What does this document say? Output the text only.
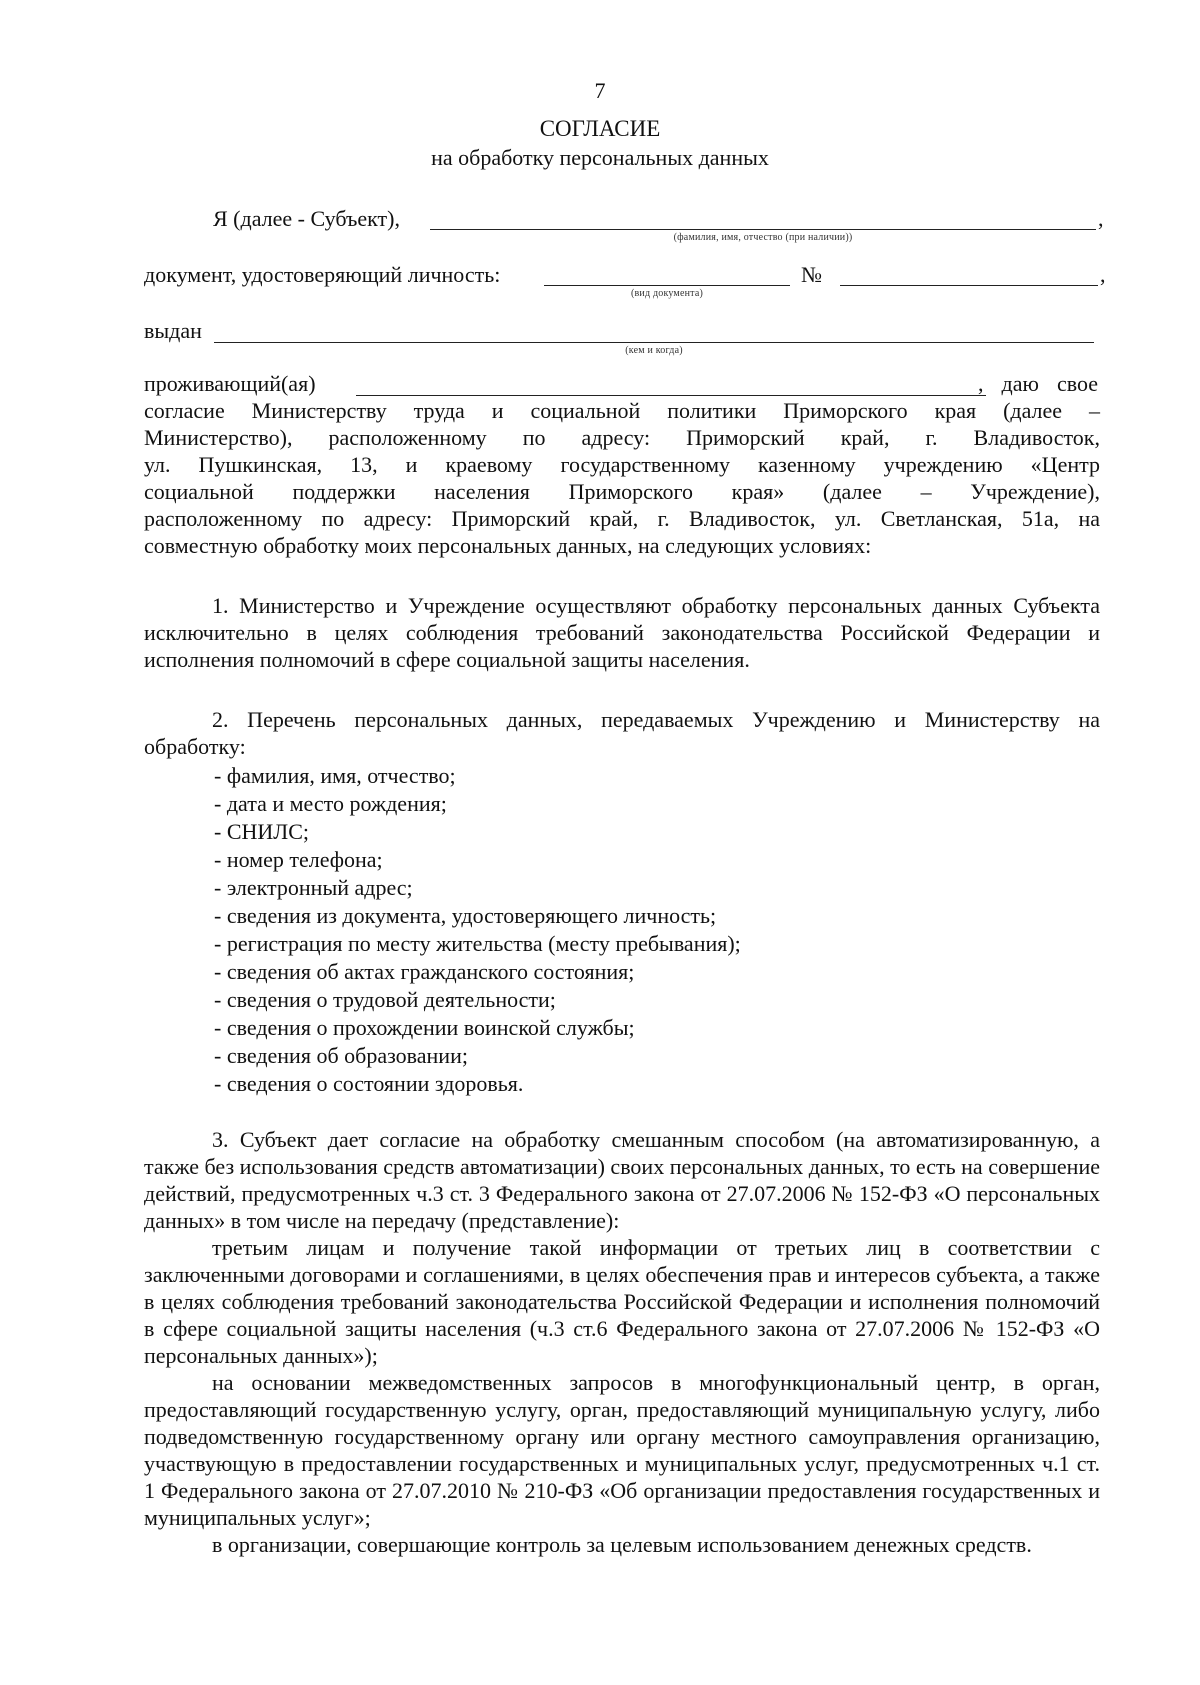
7
СОГЛАСИЕ
на обработку персональных данных
Я (далее - Субъект),	,
(фамилия, имя, отчество (при наличии))
документ, удостоверяющий личность:
(вид документа)
№	,
выдан
(кем и когда)
проживающий(ая)	, даю свое
согласие Министерству труда и социальной политики Приморского края (далее –
Министерство), расположенному по адресу: Приморский край, г. Владивосток,
ул. Пушкинская, 13, и краевому государственному казенному учреждению «Центр
социальной поддержки населения Приморского края» (далее – Учреждение),
расположенному по адресу: Приморский край, г. Владивосток, ул. Светланская, 51а, на
совместную обработку моих персональных данных, на следующих условиях:
1. Министерство и Учреждение осуществляют обработку персональных данных Субъекта исключительно в целях соблюдения требований законодательства Российской Федерации и исполнения полномочий в сфере социальной защиты населения.
2. Перечень персональных данных, передаваемых Учреждению и Министерству на обработку:
- фамилия, имя, отчество;
- дата и место рождения;
- СНИЛС;
- номер телефона;
- электронный адрес;
- сведения из документа, удостоверяющего личность;
- регистрация по месту жительства (месту пребывания);
- сведения об актах гражданского состояния;
- сведения о трудовой деятельности;
- сведения о прохождении воинской службы;
- сведения об образовании;
- сведения о состоянии здоровья.
3. Субъект дает согласие на обработку смешанным способом (на автоматизированную, а также без использования средств автоматизации) своих персональных данных, то есть на совершение действий, предусмотренных ч.3 ст. 3 Федерального закона от 27.07.2006 № 152-ФЗ «О персональных данных» в том числе на передачу (представление):
третьим лицам и получение такой информации от третьих лиц в соответствии с заключенными договорами и соглашениями, в целях обеспечения прав и интересов субъекта, а также в целях соблюдения требований законодательства Российской Федерации и исполнения полномочий в сфере социальной защиты населения (ч.3 ст.6 Федерального закона от 27.07.2006 № 152-ФЗ «О персональных данных»);
на основании межведомственных запросов в многофункциональный центр, в орган, предоставляющий государственную услугу, орган, предоставляющий муниципальную услугу, либо подведомственную государственному органу или органу местного самоуправления организацию, участвующую в предоставлении государственных и муниципальных услуг, предусмотренных ч.1 ст. 1 Федерального закона от 27.07.2010 № 210-ФЗ «Об организации предоставления государственных и муниципальных услуг»;
в организации, совершающие контроль за целевым использованием денежных средств.
